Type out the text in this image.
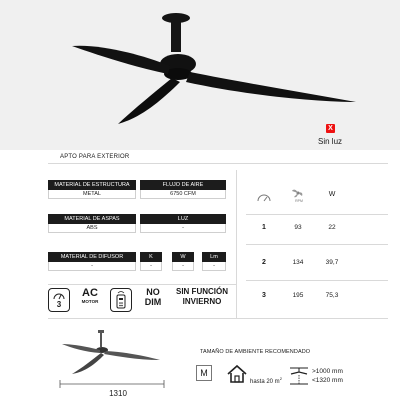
X
Sin luz
APTO PARA EXTERIOR
MATERIAL DE ESTRUCTURA
METAL
FLUJO DE AIRE
6750 CFM
MATERIAL DE ASPAS
ABS
LUZ
-
MATERIAL DE DIFUSOR
-
K
-
W
-
Lm
-
RPM
W
1	93	22
2	134	39,7
3	195	75,3
3
AC
MOTOR
NO
DIM
SIN FUNCIÓN
INVIERNO
1310
TAMAÑO DE AMBIENTE RECOMENDADO
M
hasta 20 $m^2$
>1000 mm
<1320 mm
